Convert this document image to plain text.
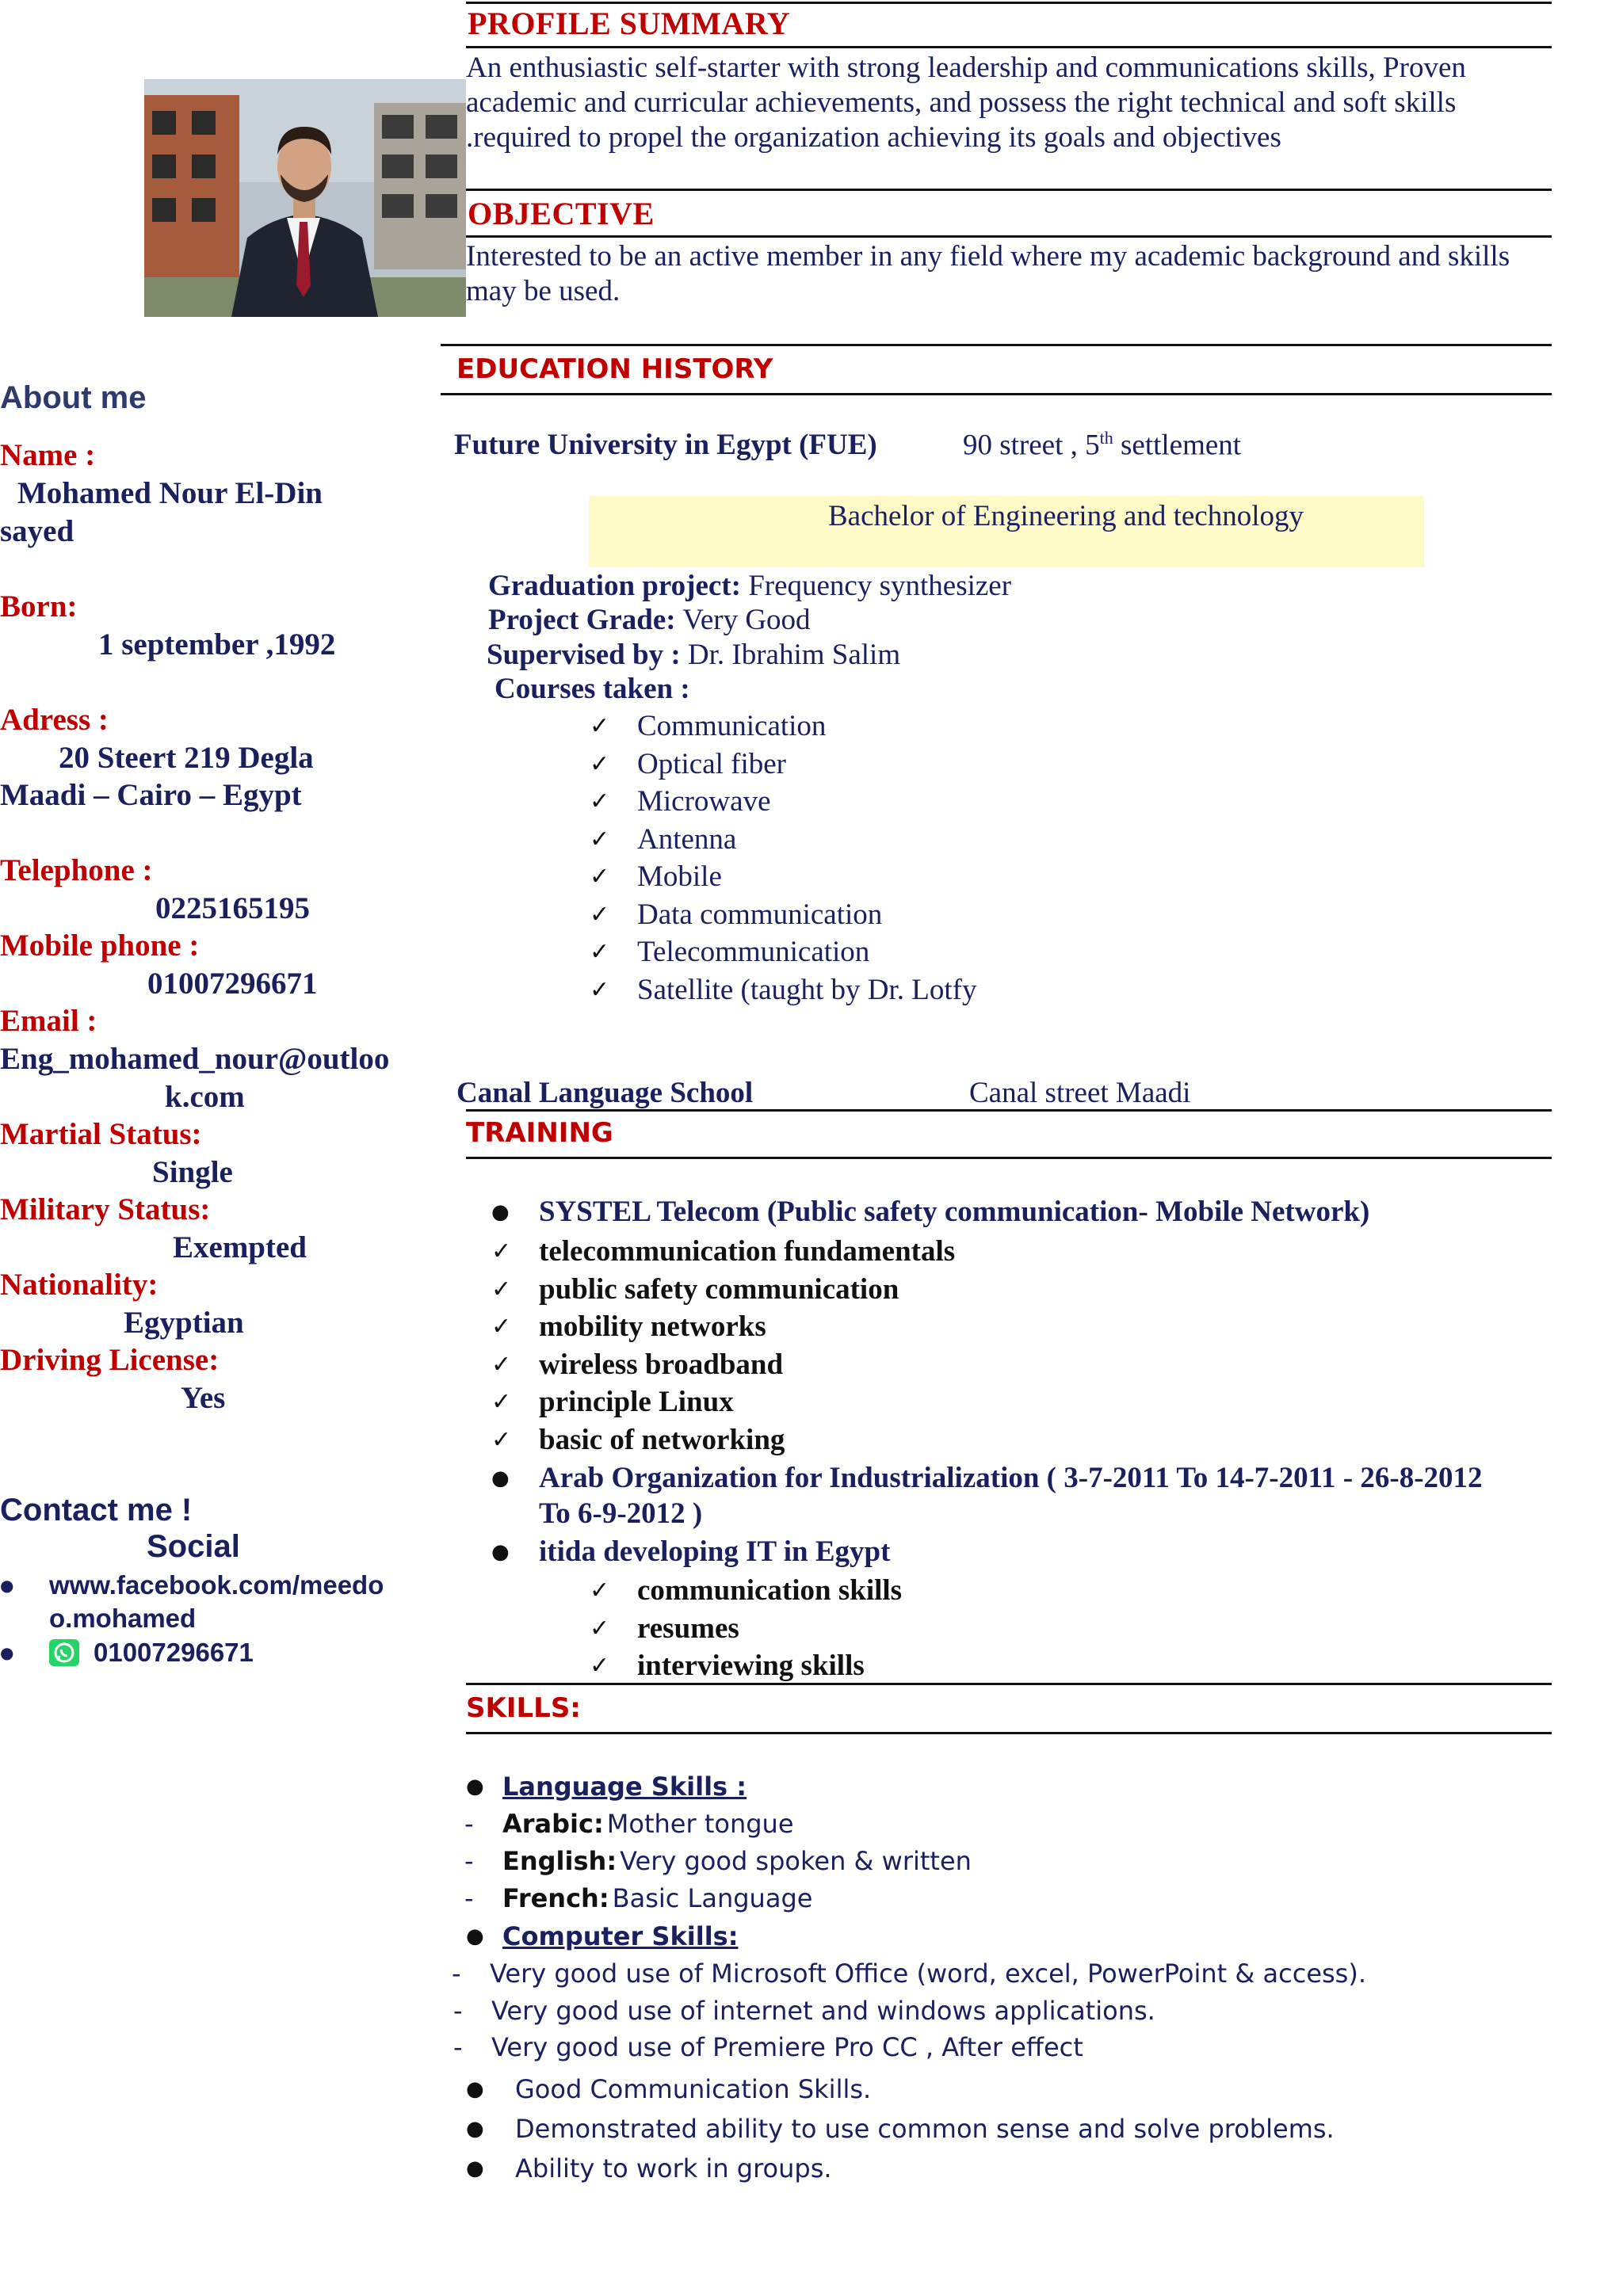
PROFILE SUMMARY
An enthusiastic self-starter with strong leadership and communications skills, Proven
academic and curricular achievements, and possess the right technical and soft skills
.required to propel the organization achieving its goals and objectives
OBJECTIVE
Interested to be an active member in any field where my academic background and skills
may be used.
EDUCATION HISTORY
Future University in Egypt (FUE)	90 street , 5th settlement
Bachelor of Engineering and technology
Graduation project: Frequency synthesizer
Project Grade: Very Good
Supervised by : Dr. Ibrahim Salim
Courses taken :
✓ Communication
✓ Optical fiber
✓ Microwave
✓ Antenna
✓ Mobile
✓ Data communication
✓ Telecommunication
✓ Satellite (taught by Dr. Lotfy
Canal Language School	Canal street Maadi
TRAINING
●	SYSTEL Telecom (Public safety communication- Mobile Network)
✓ telecommunication fundamentals
✓ public safety communication
✓ mobility networks
✓ wireless broadband
✓ principle Linux
✓ basic of networking
●	Arab Organization for Industrialization ( 3-7-2011 To 14-7-2011 - 26-8-2012
To 6-9-2012 )
●	itida developing IT in Egypt
✓ communication skills
✓ resumes
✓ interviewing skills
SKILLS:
● Language Skills :
- Arabic: Mother tongue
- English: Very good spoken & written
- French: Basic Language
● Computer Skills:
- Very good use of Microsoft Office (word, excel, PowerPoint & access).
- Very good use of internet and windows applications.
- Very good use of Premiere Pro CC , After effect
●	Good Communication Skills.
●	Demonstrated ability to use common sense and solve problems.
●	Ability to work in groups.
About me
Name :
Mohamed Nour El-Din
sayed
Born:
1 september ,1992
Adress :
20 Steert 219 Degla
Maadi – Cairo – Egypt
Telephone :
0225165195
Mobile phone :
01007296671
Email :
Eng_mohamed_nour@outloo
k.com
Martial Status:
Single
Military Status:
Exempted
Nationality:
Egyptian
Driving License:
Yes
Contact me !
Social
●	www.facebook.com/meedo
o.mohamed
●	01007296671
